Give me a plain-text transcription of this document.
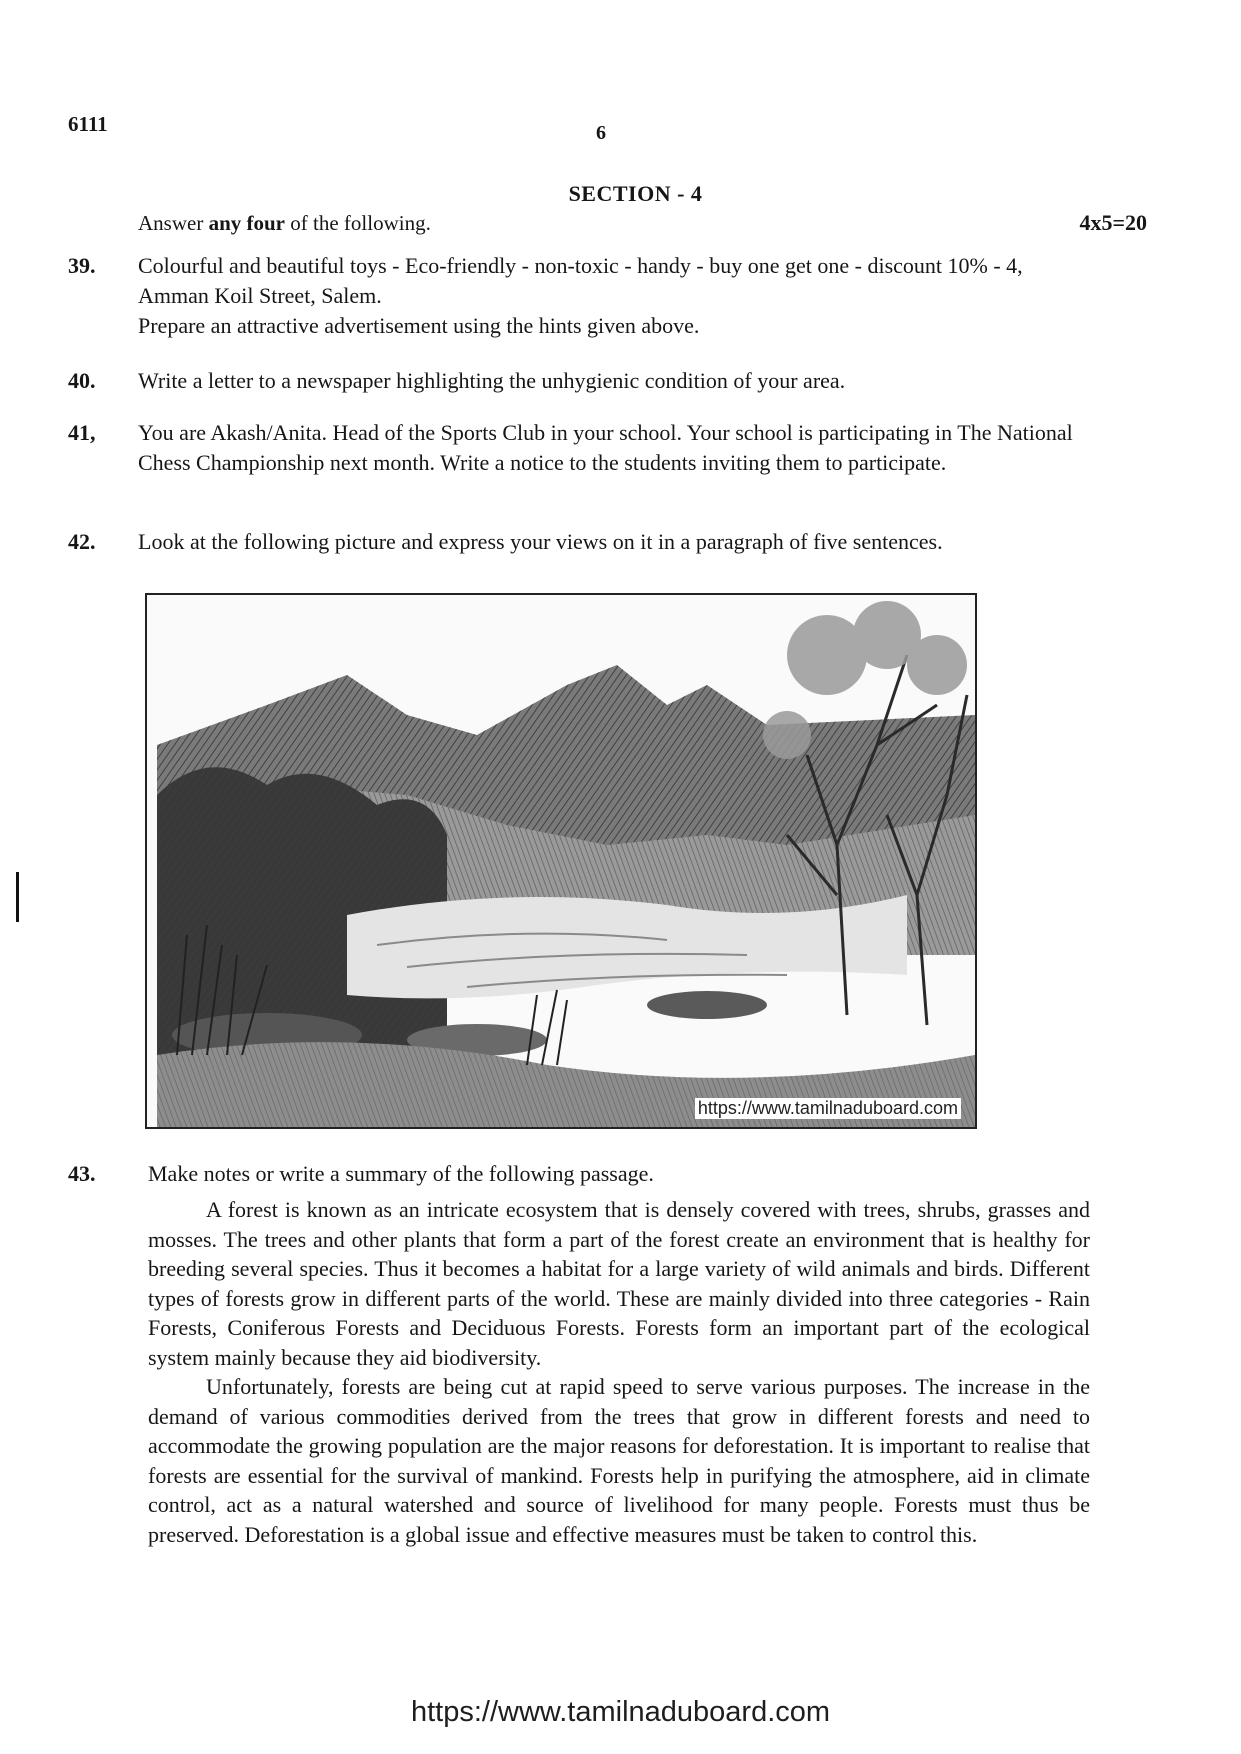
6111	6
SECTION - 4
Answer any four of the following.	4x5=20
39. Colourful and beautiful toys - Eco-friendly - non-toxic - handy - buy one get one - discount 10% - 4, Amman Koil Street, Salem.

Prepare an attractive advertisement using the hints given above.

40. Write a letter to a newspaper highlighting the unhygienic condition of your area.

41, You are Akash/Anita. Head of the Sports Club in your school. Your school is participating in The National Chess Championship next month. Write a notice to the students inviting them to participate.

42. Look at the following picture and express your views on it in a paragraph of five sentences.

https://www.tamilnaduboard.com
43. Make notes or write a summary of the following passage.

A forest is known as an intricate ecosystem that is densely covered with trees, shrubs, grasses and mosses. The trees and other plants that form a part of the forest create an environment that is healthy for breeding several species. Thus it becomes a habitat for a large variety of wild animals and birds. Different types of forests grow in different parts of the world. These are mainly divided into three categories - Rain Forests, Coniferous Forests and Deciduous Forests. Forests form an important part of the ecological system mainly because they aid biodiversity.

Unfortunately, forests are being cut at rapid speed to serve various purposes. The increase in the demand of various commodities derived from the trees that grow in different forests and need to accommodate the growing population are the major reasons for deforestation. It is important to realise that forests are essential for the survival of mankind. Forests help in purifying the atmosphere, aid in climate control, act as a natural watershed and source of livelihood for many people. Forests must thus be preserved. Deforestation is a global issue and effective measures must be taken to control this.

https://www.tamilnaduboard.com
